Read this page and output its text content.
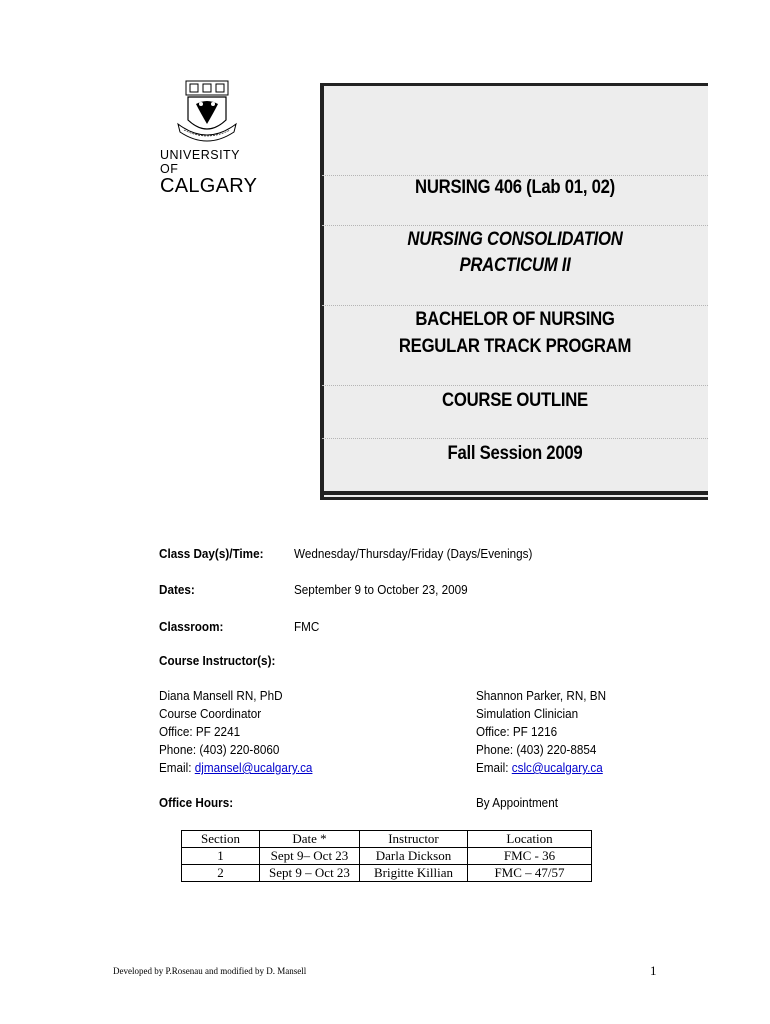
UNIVERSITY OF
CALGARY	NURSING 406 (Lab 01, 02)
NURSING CONSOLIDATION
PRACTICUM II
BACHELOR OF NURSING
REGULAR TRACK PROGRAM
COURSE OUTLINE
Fall Session 2009
Class Day(s)/Time: Wednesday/Thursday/Friday (Days/Evenings)
Dates:	September 9 to October 23, 2009
Classroom:	FMC
Course Instructor(s):
Diana Mansell RN, PhD
Course Coordinator
Office: PF 2241
Phone: (403) 220-8060
Email: djmansel@ucalgary.ca
Shannon Parker, RN, BN
Simulation Clinician
Office: PF 1216
Phone: (403) 220-8854
Email: cslc@ucalgary.ca
Office Hours:	By Appointment
Section	Date *	Instructor	Location
1	Sept 9– Oct 23	Darla Dickson	FMC - 36
2	Sept 9 – Oct 23	Brigitte Killian	FMC – 47/57
Developed by P.Rosenau and modified by D. Mansell	1
